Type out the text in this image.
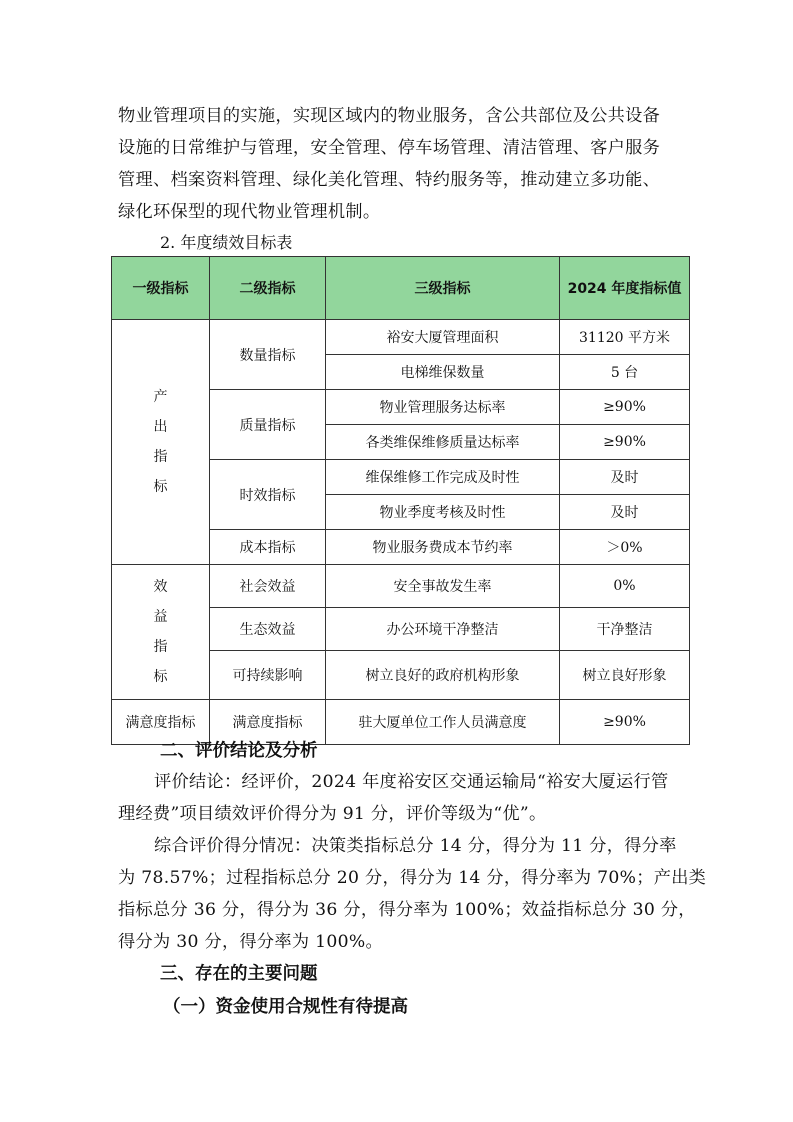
物业管理项目的实施，实现区域内的物业服务，含公共部位及公共设备
设施的日常维护与管理，安全管理、停车场管理、清洁管理、客户服务
管理、档案资料管理、绿化美化管理、特约服务等，推动建立多功能、
绿化环保型的现代物业管理机制。

2. 年度绩效目标表

一级指标	二级指标	三级指标	2024 年度指标值
产出指标	数量指标	裕安大厦管理面积	31120 平方米
		电梯维保数量	5 台
	质量指标	物业管理服务达标率	≥90%
		各类维保维修质量达标率	≥90%
	时效指标	维保维修工作完成及时性	及时
		物业季度考核及时性	及时
	成本指标	物业服务费成本节约率	＞0%
效益指标	社会效益	安全事故发生率	0%
	生态效益	办公环境干净整洁	干净整洁
	可持续影响	树立良好的政府机构形象	树立良好形象
满意度指标	满意度指标	驻大厦单位工作人员满意度	≥90%
二、评价结论及分析
评价结论：经评价，2024 年度裕安区交通运输局“裕安大厦运行管
理经费”项目绩效评价得分为 91 分，评价等级为“优”。
综合评价得分情况：决策类指标总分 14 分，得分为 11 分，得分率
为 78.57%；过程指标总分 20 分，得分为 14 分，得分率为 70%；产出类
指标总分 36 分，得分为 36 分，得分率为 100%；效益指标总分 30 分，
得分为 30 分，得分率为 100%。
三、存在的主要问题
（一）资金使用合规性有待提高
